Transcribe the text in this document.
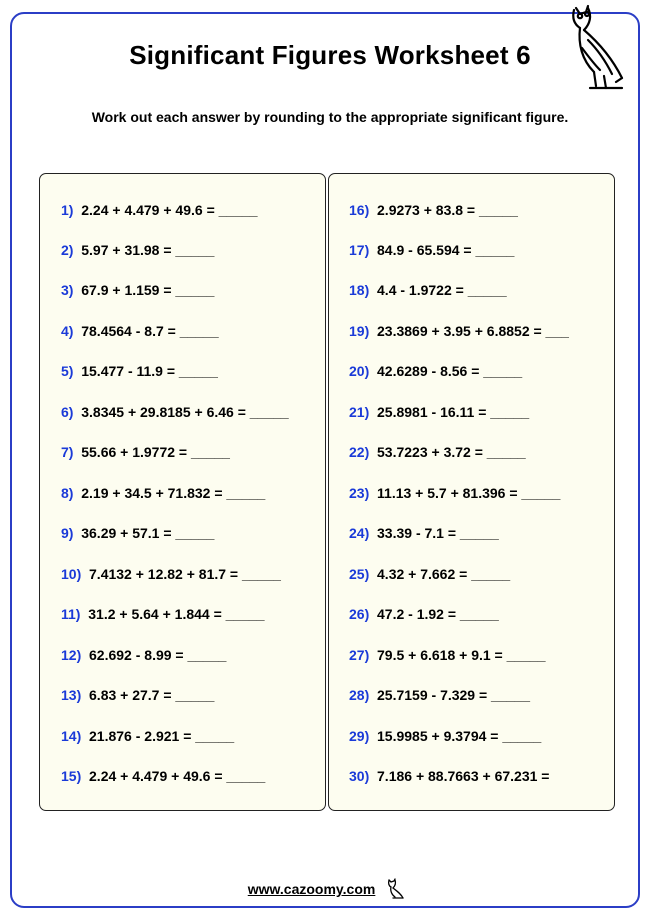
Significant Figures Worksheet 6
Work out each answer by rounding to the appropriate significant figure.
1) 2.24 + 4.479 + 49.6 = _____
2) 5.97 + 31.98 = _____
3) 67.9 + 1.159 = _____
4) 78.4564 - 8.7 = _____
5) 15.477 - 11.9 = _____
6) 3.8345 + 29.8185 + 6.46 = _____
7) 55.66 + 1.9772 = _____
8) 2.19 + 34.5 + 71.832 = _____
9) 36.29 + 57.1 = _____
10) 7.4132 + 12.82 + 81.7 = _____
11) 31.2 + 5.64 + 1.844 = _____
12) 62.692 - 8.99 = _____
13) 6.83 + 27.7 = _____
14) 21.876 - 2.921 = _____
15) 2.24 + 4.479 + 49.6 = _____
16) 2.9273 + 83.8 = _____
17) 84.9 - 65.594 = _____
18) 4.4 - 1.9722 = _____
19) 23.3869 + 3.95 + 6.8852 = ___
20) 42.6289 - 8.56 = _____
21) 25.8981 - 16.11 = _____
22) 53.7223 + 3.72 = _____
23) 11.13 + 5.7 + 81.396 = _____
24) 33.39 - 7.1 = _____
25) 4.32 + 7.662 = _____
26) 47.2 - 1.92 = _____
27) 79.5 + 6.618 + 9.1 = _____
28) 25.7159 - 7.329 = _____
29) 15.9985 + 9.3794 = _____
30) 7.186 + 88.7663 + 67.231 =
www.cazoomy.com
